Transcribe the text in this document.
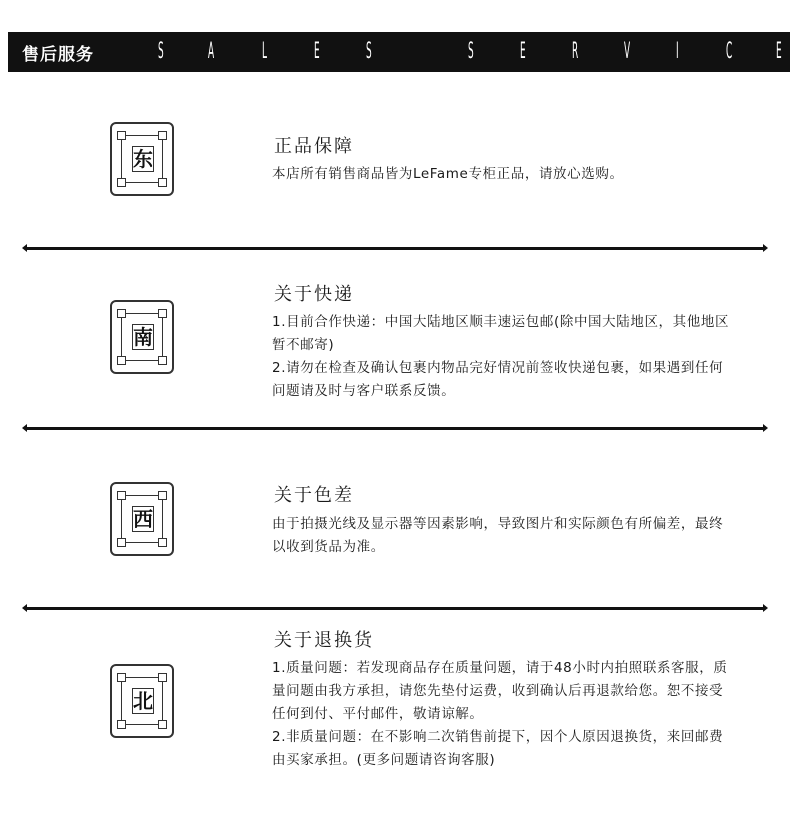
售后服务	S A L E S	S E R V I C E
东
正品保障

本店所有销售商品皆为LeFame专柜正品，请放心选购。

南
关于快递

1.目前合作快递：中国大陆地区顺丰速运包邮(除中国大陆地区，其他地区暂不邮寄)

2.请勿在检查及确认包裹内物品完好情况前签收快递包裹，如果遇到任何问题请及时与客户联系反馈。

西
关于色差

由于拍摄光线及显示器等因素影响，导致图片和实际颜色有所偏差，最终以收到货品为准。

北
关于退换货

1.质量问题：若发现商品存在质量问题，请于48小时内拍照联系客服，质量问题由我方承担，请您先垫付运费，收到确认后再退款给您。恕不接受任何到付、平付邮件，敬请谅解。

2.非质量问题：在不影响二次销售前提下，因个人原因退换货，来回邮费由买家承担。(更多问题请咨询客服)
